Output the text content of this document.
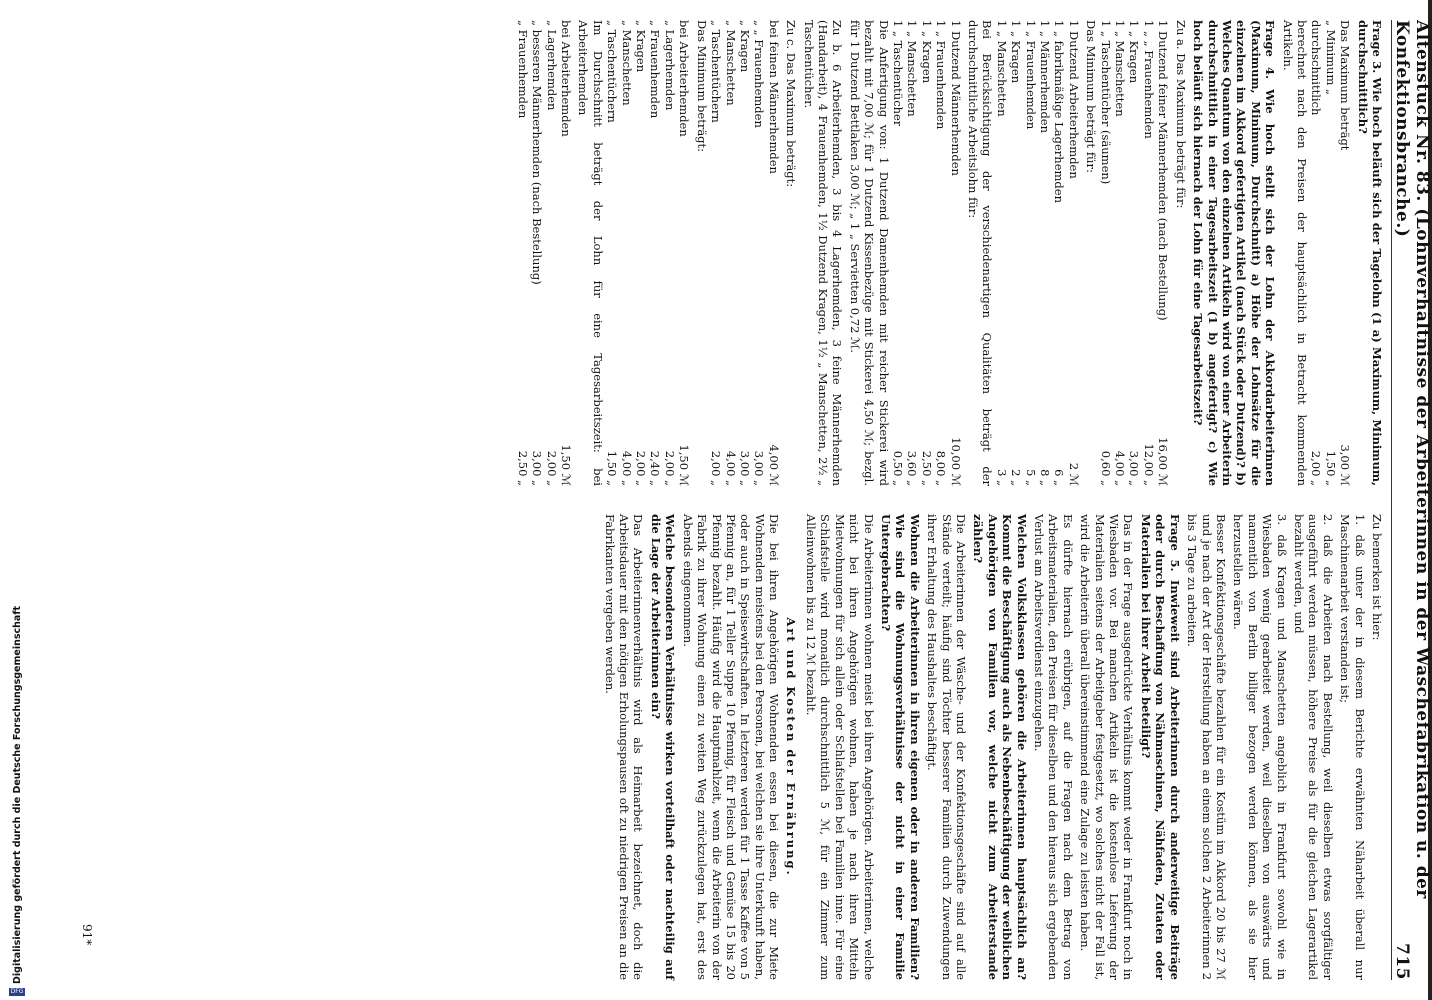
Altenstück Nr. 83. (Lohnverhältnisse der Arbeiterinnen in der Wäschefabrikation u. der Konfektionsbranche.)
715

Frage 3. Wie hoch beläuft sich der Tagelohn (1 a) Maximum, Minimum, durchschnittlich?

Das Maximum beträgt
3,00 ℳ
„ Minimum „
1,50 „
durchschnittlich
2,00 „

berechnet nach den Preisen der hauptsächlich in Betracht kommenden Artikeln.

Frage 4. Wie hoch stellt sich der Lohn der Akkordarbeiterinnen (Maximum, Minimum, Durchschnitt) a) Höhe der Lohnsätze für die einzelnen im Akkord gefertigten Artikel (nach Stück oder Dutzend)? b) Welches Quantum von den einzelnen Artikeln wird von einer Arbeiterin durchschnittlich in einer Tagesarbeitszeit (1 b) angefertigt? c) Wie hoch beläuft sich hiernach der Lohn für eine Tagesarbeitszeit?

Zu a. Das Maximum beträgt für:

1 Dutzend feiner Männerhemden (nach Bestellung)
16,00 ℳ
1 „ „ Frauenhemden
12,00 „
1 „ Kragen
3,00 „
1 „ Manschetten
4,00 „
1 „ Taschentücher (säumen)
0,60 „

Das Minimum beträgt für:

1 Dutzend Arbeiterhemden
2 ℳ
1 „ fabrikmäßige Lagerhemden
6 „
1 „ Männerhemden
8 „
1 „ Frauenhemden
5 „
1 „ Kragen
2 „
1 „ Manschetten
3 „

Bei Berücksichtigung der verschiedenartigen Qualitäten beträgt der durchschnittliche Arbeitslohn für:

1 Dutzend Männerhemden
10,00 ℳ
1 „ Frauenhemden
8,00 „
1 „ Kragen
2,50 „
1 „ Manschetten
3,60 „
1 „ Taschentücher
0,50 „

Die Anfertigung von: 1 Dutzend Damenhemden mit reicher Stickerei wird bezahlt mit 7,00 ℳ; für 1 Dutzend Kissenbezüge mit Stickerei 4,50 ℳ; bezgl. für 1 Dutzend Bettlaken 3,00 ℳ; „ 1 „ Servietten 0,72 ℳ.

Zu b. 6 Arbeiterhemden, 3 bis 4 Lagerhemden, 3 feine Männerhemden (Handarbeit), 4 Frauenhemden, 1½ Dutzend Kragen, 1½ „ Manschetten, 2½ „ Taschentücher.

Zu c. Das Maximum beträgt:

bei feinen Männerhemden
4,00 ℳ
„ „ Frauenhemden
3,00 „
„ Kragen
3,00 „
„ Manschetten
4,00 „
„ Taschentüchern
2,00 „

Das Minimum beträgt:

bei Arbeiterhemden
1,50 ℳ
„ Lagerhemden
2,00 „
„ Frauenhemden
2,40 „
„ Kragen
2,00 „
„ Manschetten
4,00 „
„ Taschentüchern
1,50 „

Im Durchschnitt beträgt der Lohn für eine Tagesarbeitszeit: bei Arbeiterhemden

bei Arbeiterhemden
1,50 ℳ
„ Lagerhemden
2,00 „
„ besseren Männerhemden (nach Bestellung)
3,00 „
„ Frauenhemden
2,50 „

Zu bemerken ist hier:

1. daß unter der in diesem Berichte erwähnten Näharbeit überall nur Maschinenarbeit verstanden ist;

2. daß die Arbeiten nach Bestellung, weil dieselben etwas sorgfältiger ausgeführt werden müssen, höhere Preise als für die gleichen Lagerartikel bezahlt werden, und

3. daß Kragen und Manschetten angeblich in Frankfurt sowohl wie in Wiesbaden wenig gearbeitet werden, weil dieselben von auswärts und namentlich von Berlin billiger bezogen werden können, als sie hier herzustellen wären.

Besser Konfektionsgeschäfte bezahlen für ein Kostüm im Akkord 20 bis 27 ℳ und je nach der Art der Herstellung haben an einem solchen 2 Arbeiterinnen 2 bis 3 Tage zu arbeiten.

Frage 5. Inwieweit sind Arbeiterinnen durch anderweitige Beiträge oder durch Beschaffung von Nähmaschinen, Nähfaden, Zutaten oder Materialien bei ihrer Arbeit beteiligt?

Das in der Frage ausgedrückte Verhältnis kommt weder in Frankfurt noch in Wiesbaden vor. Bei manchen Artikeln ist die kostenlose Lieferung der Materialien seitens der Arbeitgeber festgesetzt, wo solches nicht der Fall ist, wird die Arbeiterin überall übereinstimmend eine Zulage zu leisten haben.

Es dürfte hiernach erübrigen, auf die Fragen nach dem Betrag von Arbeitsmaterialien, den Preisen für dieselben und den hieraus sich ergebenden Verlust am Arbeitsverdienst einzugehen.

Welchen Volksklassen gehören die Arbeiterinnen hauptsächlich an? Kommt die Beschäftigung auch als Nebenbeschäftigung der weiblichen Angehörigen von Familien vor, welche nicht zum Arbeiterstande zählen?

Die Arbeiterinnen der Wäsche- und der Konfektionsgeschäfte sind auf alle Stände verteilt; häufig sind Töchter besserer Familien durch Zuwendungen ihrer Erhaltung des Haushaltes beschäftigt.

Wohnen die Arbeiterinnen in ihren eigenen oder in anderen Familien? Wie sind die Wohnungsverhältnisse der nicht in einer Familie Untergebrachten?

Die Arbeiterinnen wohnen meist bei ihren Angehörigen. Arbeiterinnen, welche nicht bei ihren Angehörigen wohnen, haben je nach ihren Mitteln Mietwohnungen für sich allein oder Schlafstellen bei Familien inne. Für eine Schlafstelle wird monatlich durchschnittlich 5 ℳ, für ein Zimmer zum Alleinwohnen bis zu 12 ℳ bezahlt.

Art und Kosten der Ernährung.

Die bei ihren Angehörigen Wohnenden essen bei diesen, die zur Miete Wohnenden meistens bei den Personen, bei welchen sie ihre Unterkunft haben, oder auch in Speisewirtschaften. In letzteren werden für 1 Tasse Kaffee von 5 Pfennig an, für 1 Teller Suppe 10 Pfennig, für Fleisch und Gemüse 15 bis 20 Pfennig bezahlt. Häufig wird die Hauptmahlzeit, wenn die Arbeiterin von der Fabrik zu ihrer Wohnung einen zu weiten Weg zurückzulegen hat, erst des Abends eingenommen.

Welche besonderen Verhältnisse wirken vorteilhaft oder nachteilig auf die Lage der Arbeiterinnen ein?

Das Arbeiterinnenverhältnis wird als Heimarbeit bezeichnet, doch die Arbeitsdauer mit den nötigen Erholungspausen oft zu niedrigen Preisen an die Fabrikanten vergeben werden.

91*
Digitalisierung gefördert durch die Deutsche Forschungsgemeinschaft
DFG
